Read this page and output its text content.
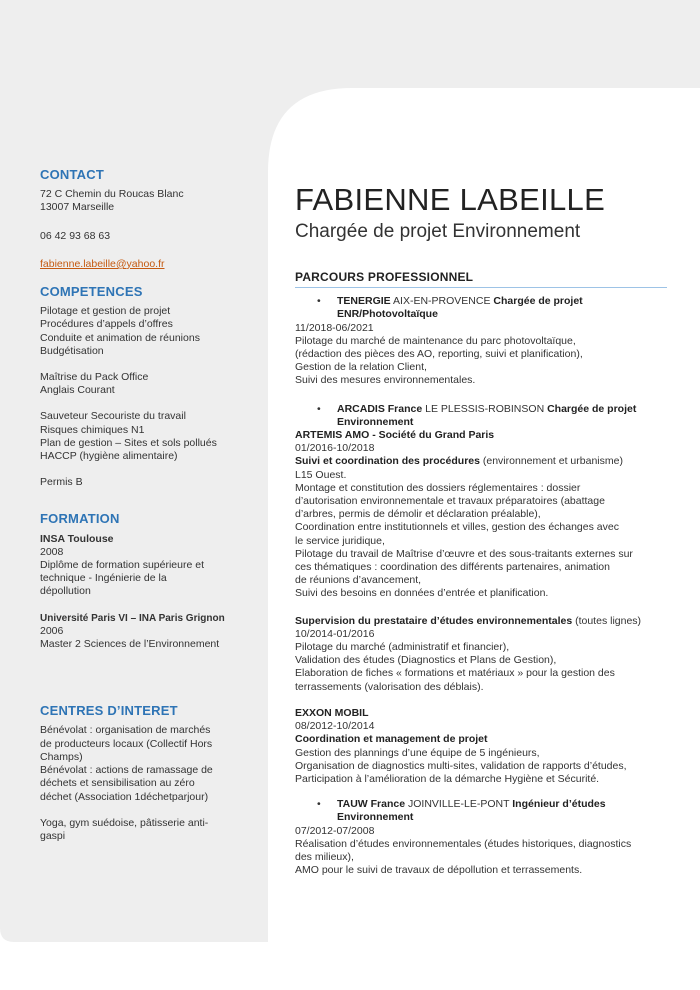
CONTACT
72 C Chemin du Roucas Blanc
13007 Marseille
06 42 93 68 63
fabienne.labeille@yahoo.fr
COMPETENCES
Pilotage et gestion de projet
Procédures d’appels d’offres
Conduite et animation de réunions
Budgétisation
Maîtrise du Pack Office
Anglais Courant
Sauveteur Secouriste du travail
Risques chimiques N1
Plan de gestion – Sites et sols pollués
HACCP (hygiène alimentaire)
Permis B
FORMATION
INSA Toulouse
2008
Diplôme de formation supérieure et
technique - Ingénierie de la
dépollution
Université Paris VI – INA Paris Grignon
2006
Master 2 Sciences de l’Environnement
CENTRES D’INTERET
Bénévolat : organisation de marchés
de producteurs locaux (Collectif Hors
Champs)
Bénévolat : actions de ramassage de
déchets et sensibilisation au zéro
déchet (Association 1déchetparjour)
Yoga, gym suédoise, pâtisserie anti-
gaspi
FABIENNE LABEILLE
Chargée de projet Environnement
PARCOURS PROFESSIONNEL
• TENERGIE AIX-EN-PROVENCE Chargée de projet
ENR/Photovoltaïque
11/2018-06/2021
Pilotage du marché de maintenance du parc photovoltaïque,
(rédaction des pièces des AO, reporting, suivi et planification),
Gestion de la relation Client,
Suivi des mesures environnementales.
• ARCADIS France LE PLESSIS-ROBINSON Chargée de projet
Environnement
ARTEMIS AMO - Société du Grand Paris
01/2016-10/2018
Suivi et coordination des procédures (environnement et urbanisme)
L15 Ouest.
Montage et constitution des dossiers réglementaires : dossier
d’autorisation environnementale et travaux préparatoires (abattage
d’arbres, permis de démolir et déclaration préalable),
Coordination entre institutionnels et villes, gestion des échanges avec
le service juridique,
Pilotage du travail de Maîtrise d’œuvre et des sous-traitants externes sur
ces thématiques : coordination des différents partenaires, animation
de réunions d’avancement,
Suivi des besoins en données d’entrée et planification.
Supervision du prestataire d’études environnementales (toutes lignes)
10/2014-01/2016
Pilotage du marché (administratif et financier),
Validation des études (Diagnostics et Plans de Gestion),
Elaboration de fiches « formations et matériaux » pour la gestion des
terrassements (valorisation des déblais).
EXXON MOBIL
08/2012-10/2014
Coordination et management de projet
Gestion des plannings d’une équipe de 5 ingénieurs,
Organisation de diagnostics multi-sites, validation de rapports d’études,
Participation à l’amélioration de la démarche Hygiène et Sécurité.
• TAUW France JOINVILLE-LE-PONT Ingénieur d’études
Environnement
07/2012-07/2008
Réalisation d’études environnementales (études historiques, diagnostics
des milieux),
AMO pour le suivi de travaux de dépollution et terrassements.
